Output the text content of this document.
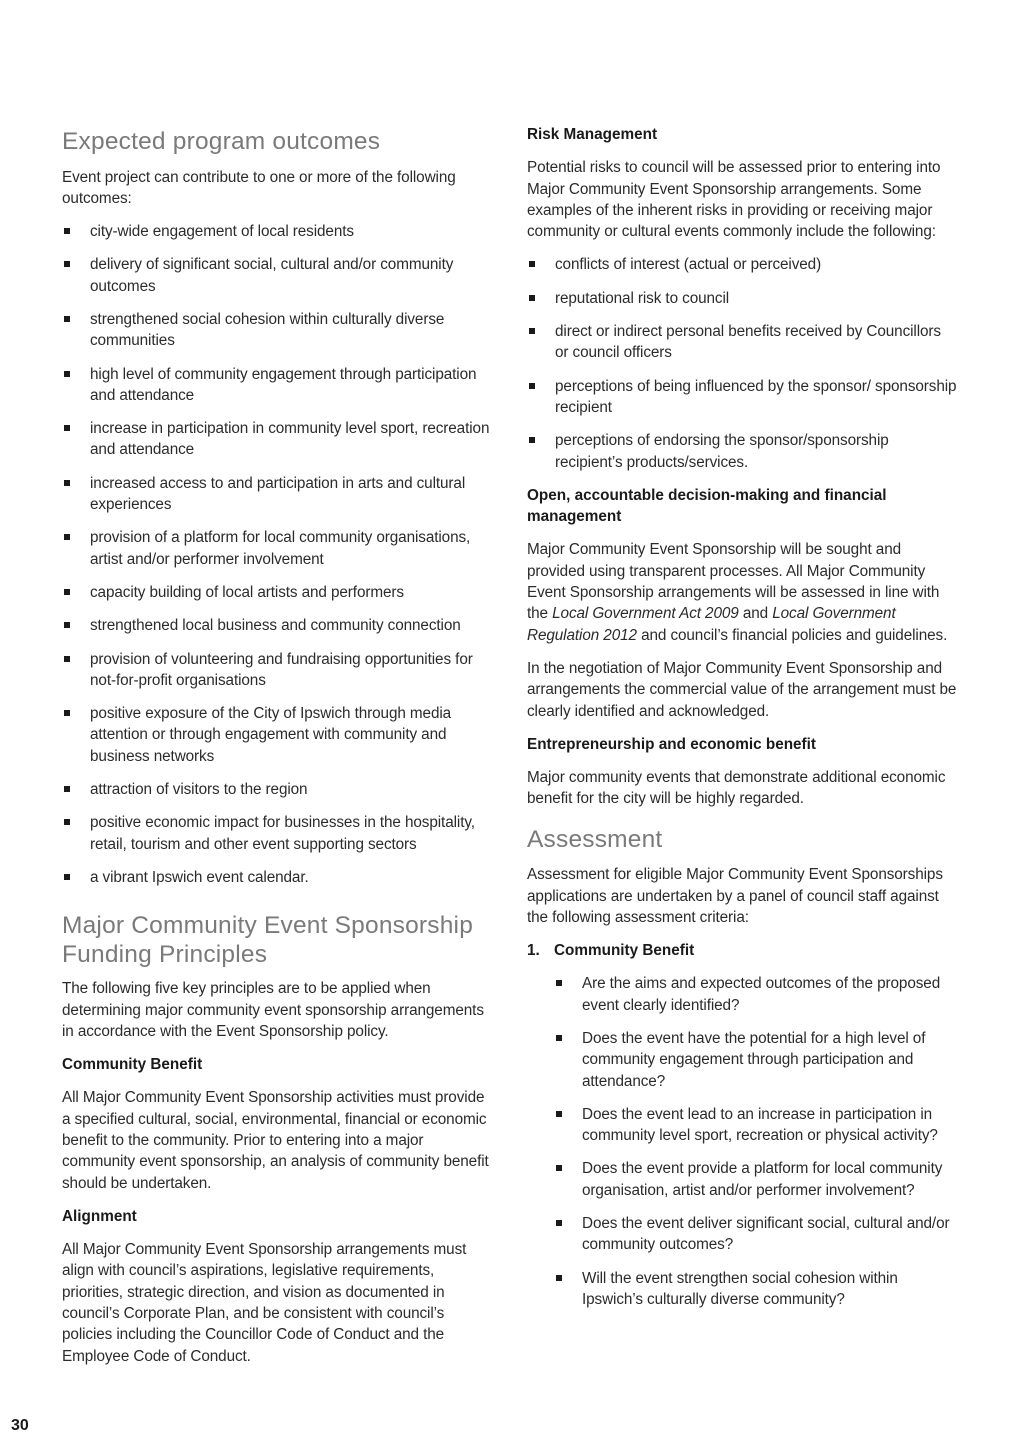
Expected program outcomes

Event project can contribute to one or more of the following outcomes:

city-wide engagement of local residents
delivery of significant social, cultural and/or community outcomes
strengthened social cohesion within culturally diverse communities
high level of community engagement through participation and attendance
increase in participation in community level sport, recreation and attendance
increased access to and participation in arts and cultural experiences
provision of a platform for local community organisations, artist and/or performer involvement
capacity building of local artists and performers
strengthened local business and community connection
provision of volunteering and fundraising opportunities for not-for-profit organisations
positive exposure of the City of Ipswich through media attention or through engagement with community and business networks
attraction of visitors to the region
positive economic impact for businesses in the hospitality, retail, tourism and other event supporting sectors
a vibrant Ipswich event calendar.
Major Community Event Sponsorship Funding Principles

The following five key principles are to be applied when determining major community event sponsorship arrangements in accordance with the Event Sponsorship policy.

Community Benefit

All Major Community Event Sponsorship activities must provide a specified cultural, social, environmental, financial or economic benefit to the community. Prior to entering into a major community event sponsorship, an analysis of community benefit should be undertaken.

Alignment

All Major Community Event Sponsorship arrangements must align with council’s aspirations, legislative requirements, priorities, strategic direction, and vision as documented in council’s Corporate Plan, and be consistent with council’s policies including the Councillor Code of Conduct and the Employee Code of Conduct.

Risk Management

Potential risks to council will be assessed prior to entering into Major Community Event Sponsorship arrangements. Some examples of the inherent risks in providing or receiving major community or cultural events commonly include the following:

conflicts of interest (actual or perceived)
reputational risk to council
direct or indirect personal benefits received by Councillors or council officers
perceptions of being influenced by the sponsor/ sponsorship recipient
perceptions of endorsing the sponsor/sponsorship recipient’s products/services.
Open, accountable decision-making and financial management

Major Community Event Sponsorship will be sought and provided using transparent processes. All Major Community Event Sponsorship arrangements will be assessed in line with the Local Government Act 2009 and Local Government Regulation 2012 and council’s financial policies and guidelines.

In the negotiation of Major Community Event Sponsorship and arrangements the commercial value of the arrangement must be clearly identified and acknowledged.

Entrepreneurship and economic benefit

Major community events that demonstrate additional economic benefit for the city will be highly regarded.

Assessment

Assessment for eligible Major Community Event Sponsorships applications are undertaken by a panel of council staff against the following assessment criteria:

1. Community Benefit
Are the aims and expected outcomes of the proposed event clearly identified?
Does the event have the potential for a high level of community engagement through participation and attendance?
Does the event lead to an increase in participation in community level sport, recreation or physical activity?
Does the event provide a platform for local community organisation, artist and/or performer involvement?
Does the event deliver significant social, cultural and/or community outcomes?
Will the event strengthen social cohesion within Ipswich’s culturally diverse community?
30
